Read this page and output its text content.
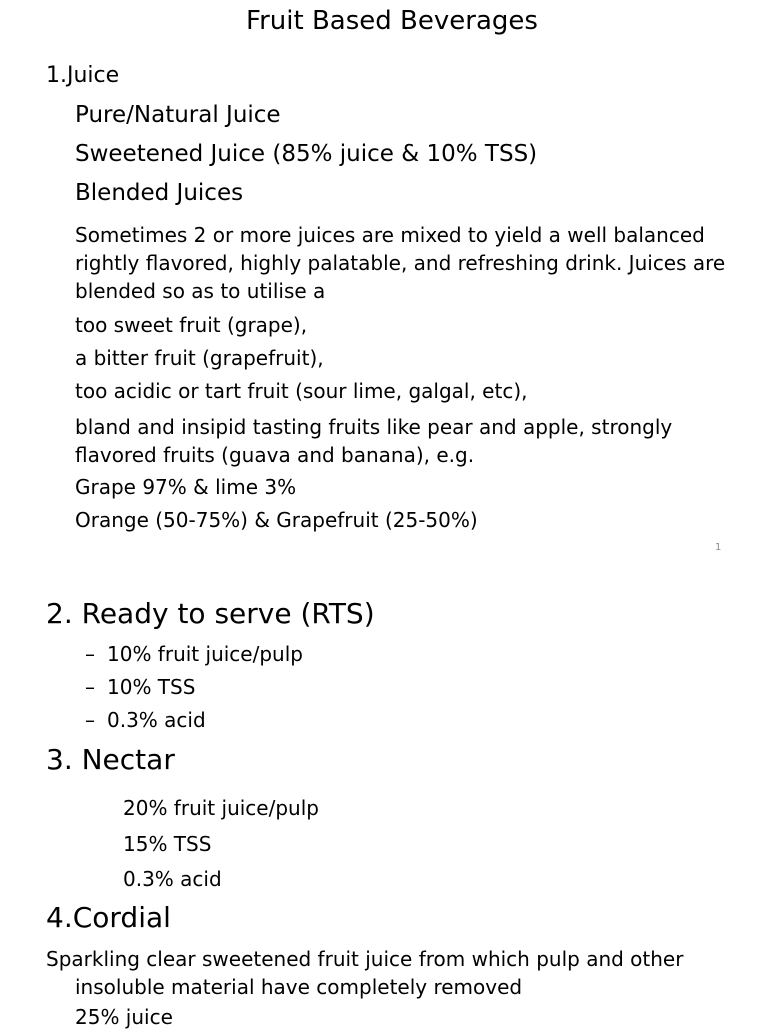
Fruit Based Beverages
1.Juice
Pure/Natural Juice
Sweetened Juice (85% juice & 10% TSS)
Blended Juices
Sometimes 2 or more juices are mixed to yield a well balanced rightly flavored, highly palatable, and refreshing drink. Juices are blended so as to utilise a
too sweet fruit (grape),
a bitter fruit (grapefruit),
too acidic or tart fruit (sour lime, galgal, etc),
bland and insipid tasting fruits like pear and apple, strongly flavored fruits (guava and banana), e.g.
Grape 97% & lime 3%
Orange (50-75%) & Grapefruit (25-50%)
1
2. Ready to serve (RTS)
– 10% fruit juice/pulp
– 10% TSS
– 0.3% acid
3. Nectar
20% fruit juice/pulp
15% TSS
0.3% acid
4.Cordial
Sparkling clear sweetened fruit juice from which pulp and other insoluble material have completely removed
25% juice
